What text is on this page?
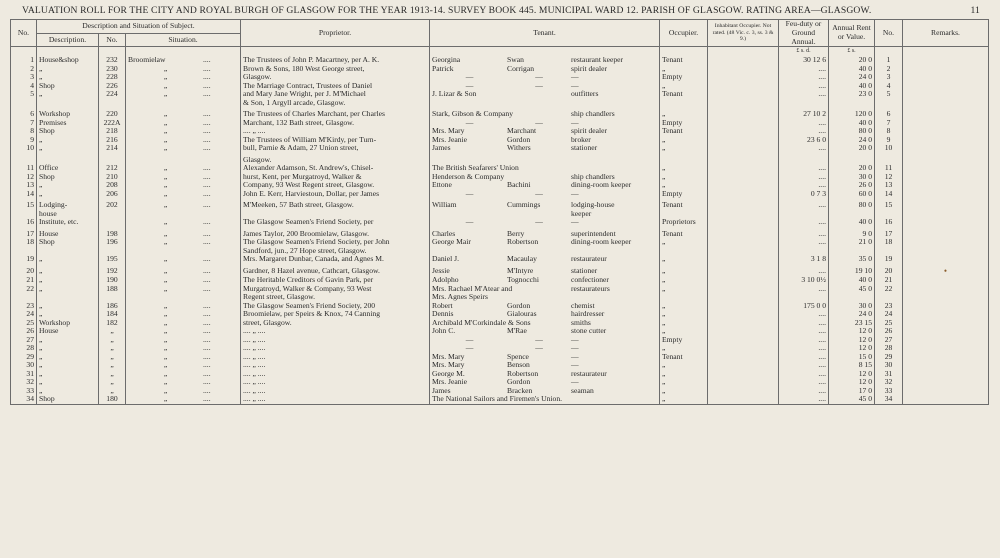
VALUATION ROLL FOR THE CITY AND ROYAL BURGH OF GLASGOW FOR THE YEAR 1913-14. SURVEY BOOK 445. MUNICIPAL WARD 12. PARISH OF GLASGOW. RATING AREA—GLASGOW.	11
No.	Description and Situation of Subject.			Proprietor.	Tenant.	Occupier.	Inhabitant Occupier. Not rated. (48 Vic. c. 3, ss. 3 & 9.)	Feu-duty or Ground Annual.	Annual Rent or Value.	No.	Remarks.
	Description.	No.	Situation.								
								£ s. d.	£ s.		
1	House&shop	232	Broomielaw ....	The Trustees of John P. Macartney, per A. K.	Georgina Swan restaurant keeper	Tenant		30 12 6	20 0	1	
2	„	230	„ ....	Brown & Sons, 180 West George street,	Patrick Corrigan spirit dealer	„		....	40 0	2	
3	„	228	„ ....	Glasgow.	— — —	Empty		....	24 0	3	
4	Shop	226	„ ....	The Marriage Contract, Trustees of Daniel	— — —	„		....	40 0	4	
5	„	224	„ ....	and Mary Jane Wright, per J. M'Michael	J. Lizar & Son outfitters	Tenant		....	23 0	5	
				& Son, 1 Argyll arcade, Glasgow.							

6	Workshop	220	„ ....	The Trustees of Charles Marchant, per Charles	Stark, Gibson & Company ship chandlers	„		27 10 2	120 0	6	
7	Premises	222A	„ ....	Marchant, 132 Bath street, Glasgow.	— — —	Empty		....	40 0	7	
8	Shop	218	„ ....	.... „ ....	Mrs. Mary Marchant spirit dealer	Tenant		....	80 0	8	
9	„	216	„ ....	The Trustees of William M'Kirdy, per Turn-	Mrs. Jeanie Gordon broker	„		23 6 0	24 0	9	
10	„	214	„ ....	bull, Parnie & Adam, 27 Union street,	James Withers stationer	„		....	20 0	10	

				Glasgow.							
11	Office	212	„ ....	Alexander Adamson, St. Andrew's, Chisel-	The British Seafarers' Union	„		....	20 0	11	
12	Shop	210	„ ....	hurst, Kent, per Murgatroyd, Walker &	Henderson & Company ship chandlers	„		....	30 0	12	
13	„	208	„ ....	Company, 93 West Regent street, Glasgow.	Ettone Bachini dining-room keeper	„		....	26 0	13	
14	„	206	„ ....	John E. Kerr, Harviestoun, Dollar, per James	— — —	Empty		0 7 3	60 0	14	

15	Lodging-	202	„ ....	M'Meeken, 57 Bath street, Glasgow.	William Cummings lodging-house	Tenant		....	80 0	15	
	house				keeper						
16	Institute, etc.		„ ....	The Glasgow Seamen's Friend Society, per	— — —	Proprietors		....	40 0	16	

17	House	198	„ ....	James Taylor, 200 Broomielaw, Glasgow.	Charles Berry superintendent	Tenant		....	9 0	17	
18	Shop	196	„ ....	The Glasgow Seamen's Friend Society, per John	George Mair Robertson dining-room keeper	„		....	21 0	18	
				Sandford, jun., 27 Hope street, Glasgow.							
19	„	195	„ ....	Mrs. Margaret Dunbar, Canada, and Agnes M.	Daniel J. Macaulay restaurateur	„		3 1 8	35 0	19	

20	„	192	„ ....	Gardner, 8 Hazel avenue, Cathcart, Glasgow.	Jessie M'Intyre stationer	„		....	19 10	20	•
21	„	190	„ ....	The Heritable Creditors of Gavin Park, per	Adolpho Tognocchi confectioner	„		3 10 0½	40 0	21	
22	„	188	„ ....	Murgatroyd, Walker & Company, 93 West	Mrs. Rachael M'Atear and restaurateurs	„		....	45 0	22	
				Regent street, Glasgow.	Mrs. Agnes Speirs						
23	„	186	„ ....	The Glasgow Seamen's Friend Society, 200	Robert Gordon chemist	„		175 0 0	30 0	23	
24	„	184	„ ....	Broomielaw, per Speirs & Knox, 74 Canning	Dennis Gialouras hairdresser	„		....	24 0	24	
25	Workshop	182	„ ....	street, Glasgow.	Archibald M'Corkindale & Sons smiths	„		....	23 15	25	
26	House	„	„ ....	.... „ ....	John C. M'Rae stone cutter	„		....	12 0	26	
27	„	„	„ ....	.... „ ....	— — —	Empty		....	12 0	27	
28	„	„	„ ....	.... „ ....	— — —	„		....	12 0	28	
29	„	„	„ ....	.... „ ....	Mrs. Mary Spence —	Tenant		....	15 0	29	
30	„	„	„ ....	.... „ ....	Mrs. Mary Benson —	„		....	8 15	30	
31	„	„	„ ....	.... „ ....	George M. Robertson restaurateur	„		....	12 0	31	
32	„	„	„ ....	.... „ ....	Mrs. Jeanie Gordon —	„		....	12 0	32	
33	„	„	„ ....	.... „ ....	James Bracken seaman	„		....	17 0	33	
34	Shop	180	„ ....	.... „ ....	The National Sailors and Firemen's Union.	„		....	45 0	34	
